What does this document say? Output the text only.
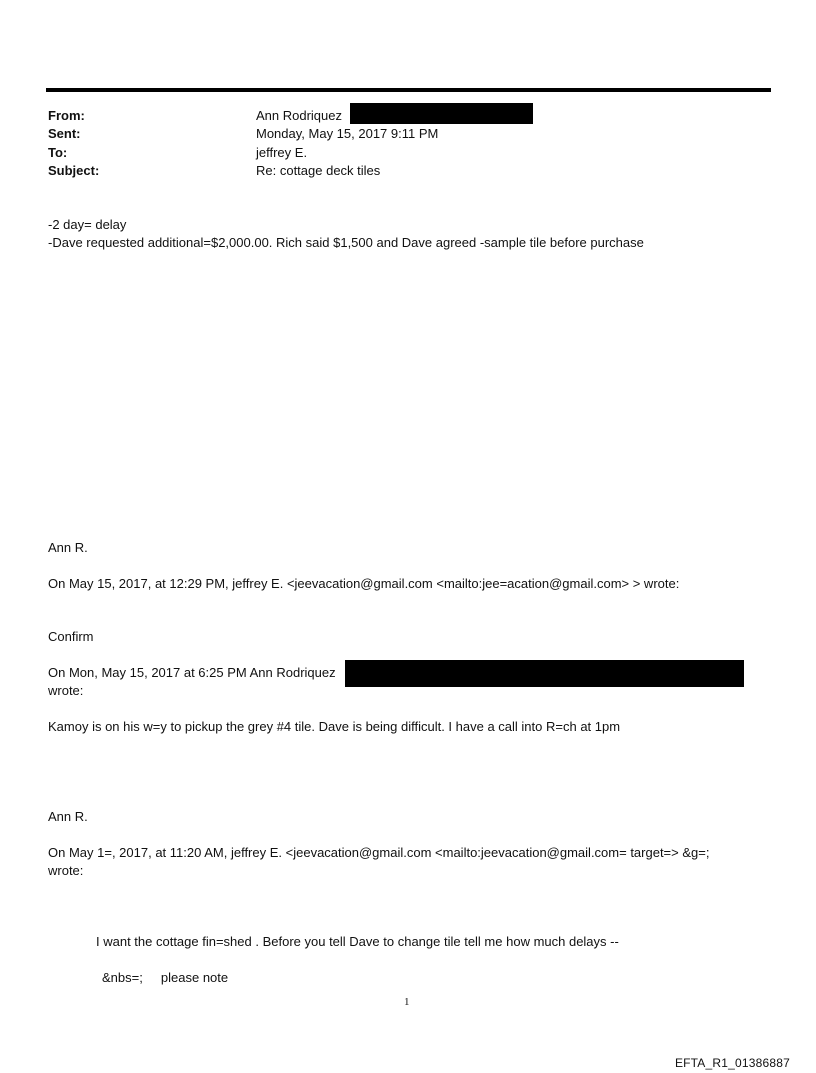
From:	Ann Rodriquez
Sent:	Monday, May 15, 2017 9:11 PM
To:	jeffrey E.
Subject:	Re: cottage deck tiles
-2 day= delay
-Dave requested additional=$2,000.00. Rich said $1,500 and Dave agreed -sample tile before purchase
Ann R.
On May 15, 2017, at 12:29 PM, jeffrey E. <jeevacation@gmail.com <mailto:jee=acation@gmail.com> > wrote:
Confirm
On Mon, May 15, 2017 at 6:25 PM Ann Rodriquez
wrote:
Kamoy is on his w=y to pickup the grey #4 tile. Dave is being difficult. I have a call into R=ch at 1pm
Ann R.
On May 1=, 2017, at 11:20 AM, jeffrey E. <jeevacation@gmail.com <mailto:jeevacation@gmail.com= target=> &g=;
wrote:
I want the cottage fin=shed . Before you tell Dave to change tile tell me how much delays --
&nbs=;     please note
1
EFTA_R1_01386887
